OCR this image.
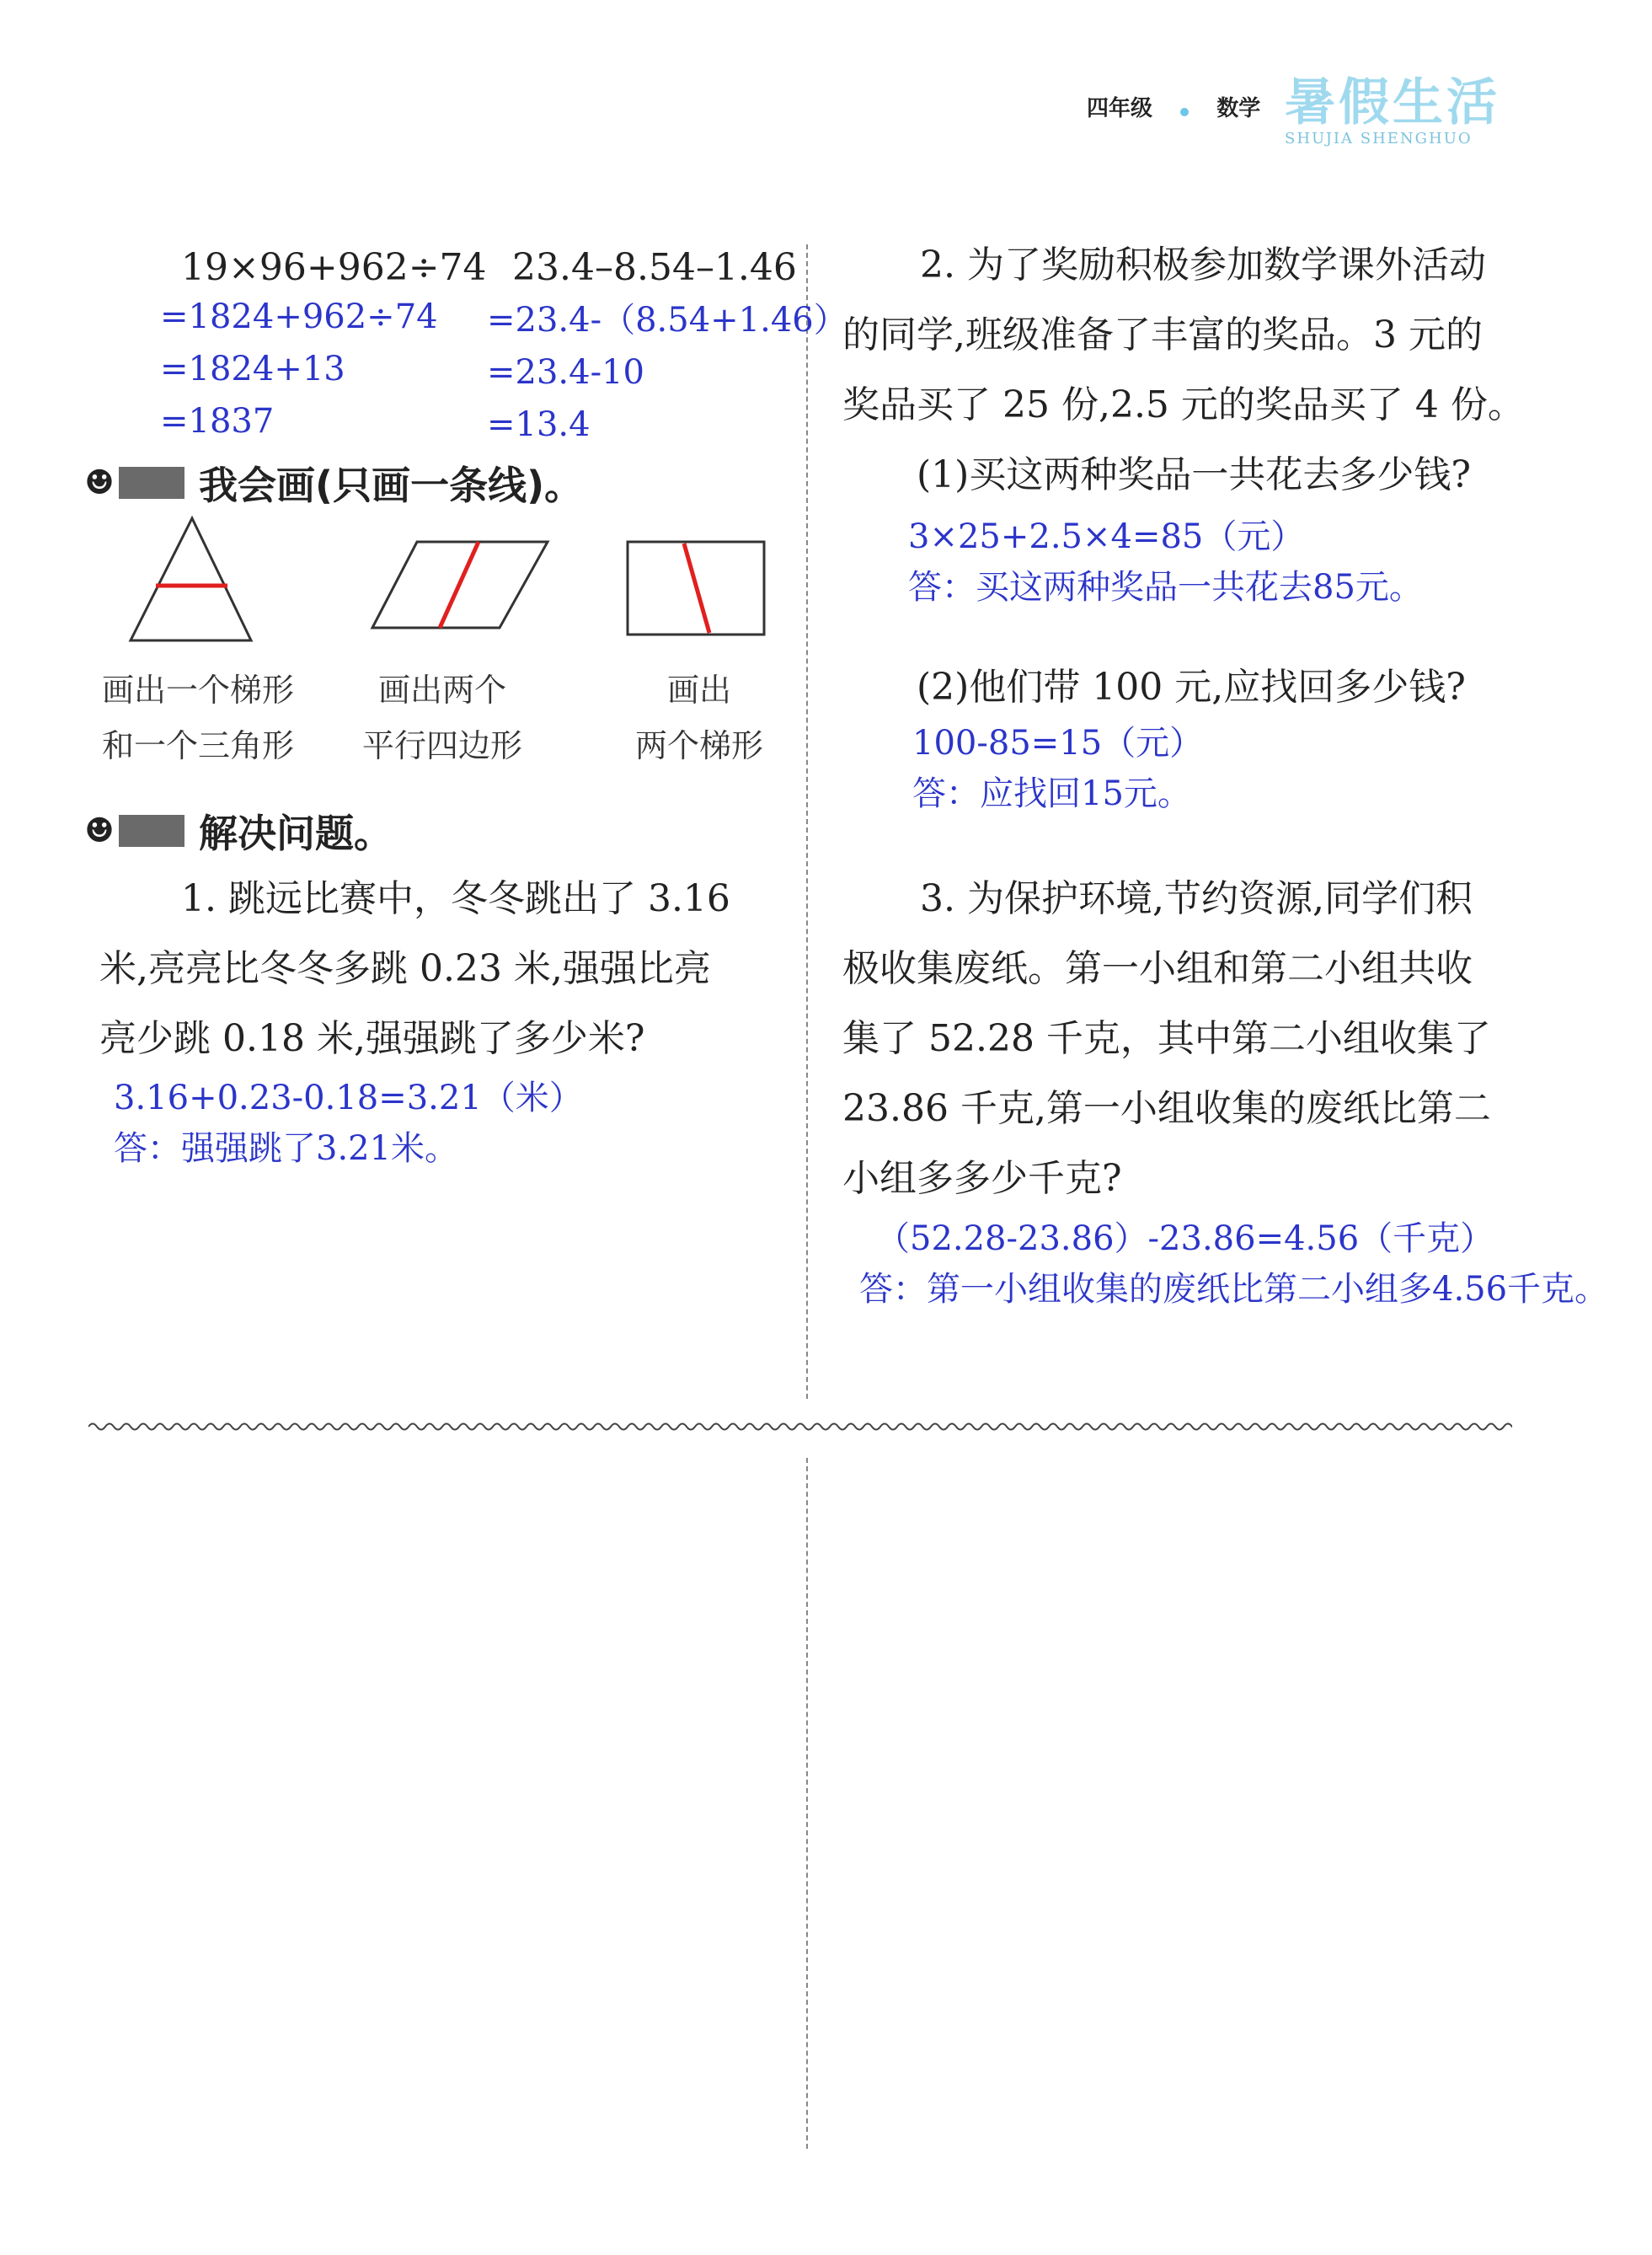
四年级	数学 暑假生活
SHUJIA SHENGHUO
19×96+962÷74
=1824+962÷74
=1824+13
=1837
23.4–8.54–1.46
=23.4-（8.54+1.46）
=23.4-10
=13.4
☻ 我会画(只画一条线)。
画出一个梯形
和一个三角形
画出两个
平行四边形
画出
两个梯形
☻ 解决问题。
1. 跳远比赛中，冬冬跳出了 3.16
米,亮亮比冬冬多跳 0.23 米,强强比亮
亮少跳 0.18 米,强强跳了多少米?
3.16+0.23-0.18=3.21（米）
答：强强跳了3.21米。
2. 为了奖励积极参加数学课外活动
的同学,班级准备了丰富的奖品。3 元的
奖品买了 25 份,2.5 元的奖品买了 4 份。
(1)买这两种奖品一共花去多少钱?
3×25+2.5×4=85（元）
答：买这两种奖品一共花去85元。
(2)他们带 100 元,应找回多少钱?
100-85=15（元）
答：应找回15元。
3. 为保护环境,节约资源,同学们积
极收集废纸。第一小组和第二小组共收
集了 52.28 千克，其中第二小组收集了
23.86 千克,第一小组收集的废纸比第二
小组多多少千克?
（52.28-23.86）-23.86=4.56（千克）
答：第一小组收集的废纸比第二小组多4.56千克。
